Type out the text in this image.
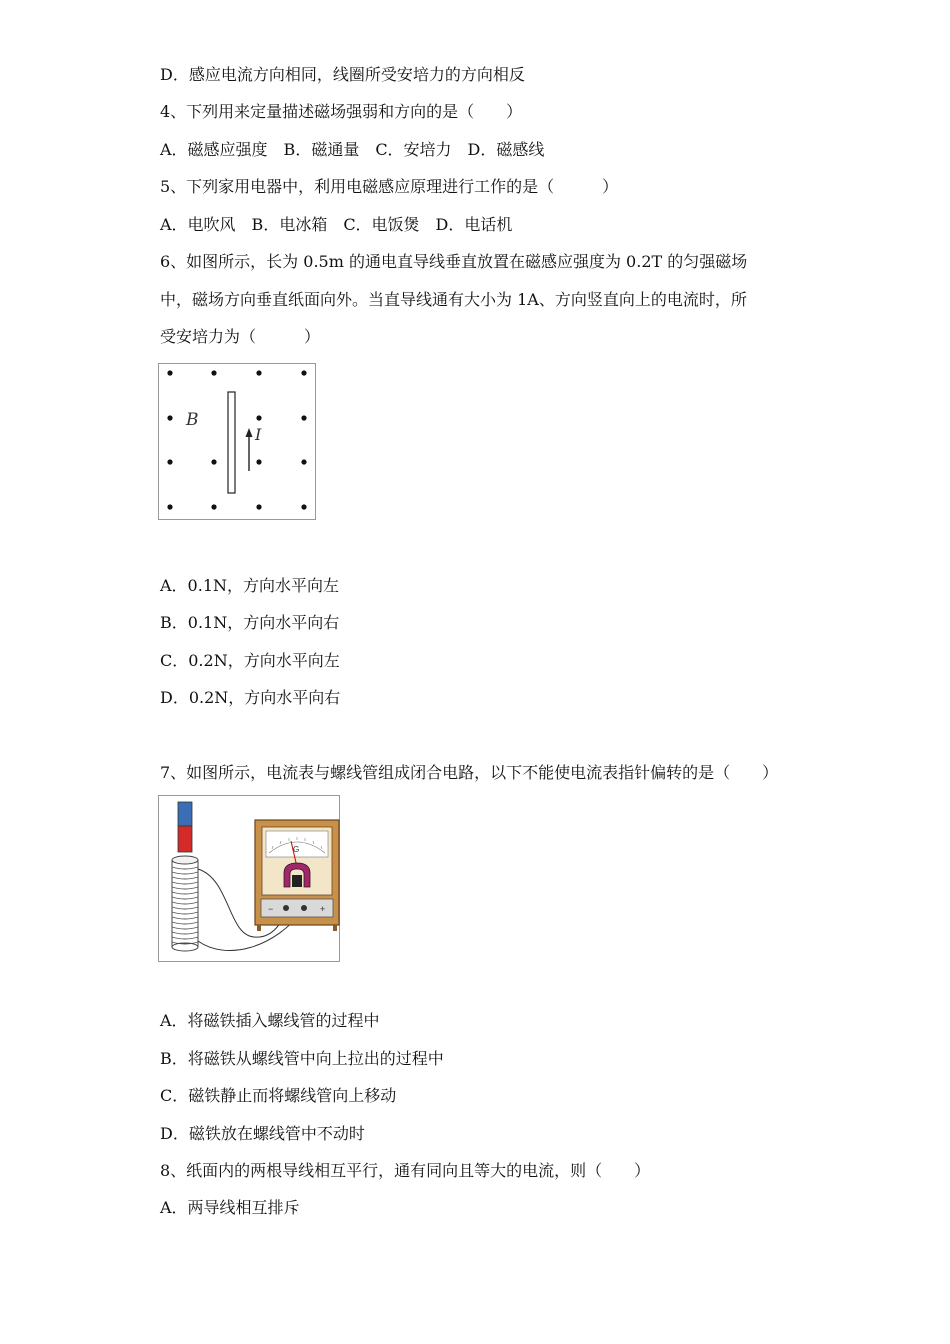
D．感应电流方向相同，线圈所受安培力的方向相反
4、下列用来定量描述磁场强弱和方向的是（　　）
A．磁感应强度　B．磁通量　C．安培力　D．磁感线
5、下列家用电器中，利用电磁感应原理进行工作的是（　　　）
A．电吹风　B．电冰箱　C．电饭煲　D．电话机
6、如图所示，长为 0.5m 的通电直导线垂直放置在磁感应强度为 0.2T 的匀强磁场
中，磁场方向垂直纸面向外。当直导线通有大小为 1A、方向竖直向上的电流时，所
受安培力为（　　　）
B
I
A．0.1N，方向水平向左
B．0.1N，方向水平向右
C．0.2N，方向水平向左
D．0.2N，方向水平向右
7、如图所示，电流表与螺线管组成闭合电路，以下不能使电流表指针偏转的是（　　）
G
−	+
A．将磁铁插入螺线管的过程中
B．将磁铁从螺线管中向上拉出的过程中
C．磁铁静止而将螺线管向上移动
D．磁铁放在螺线管中不动时
8、纸面内的两根导线相互平行，通有同向且等大的电流，则（　　）
A．两导线相互排斥
